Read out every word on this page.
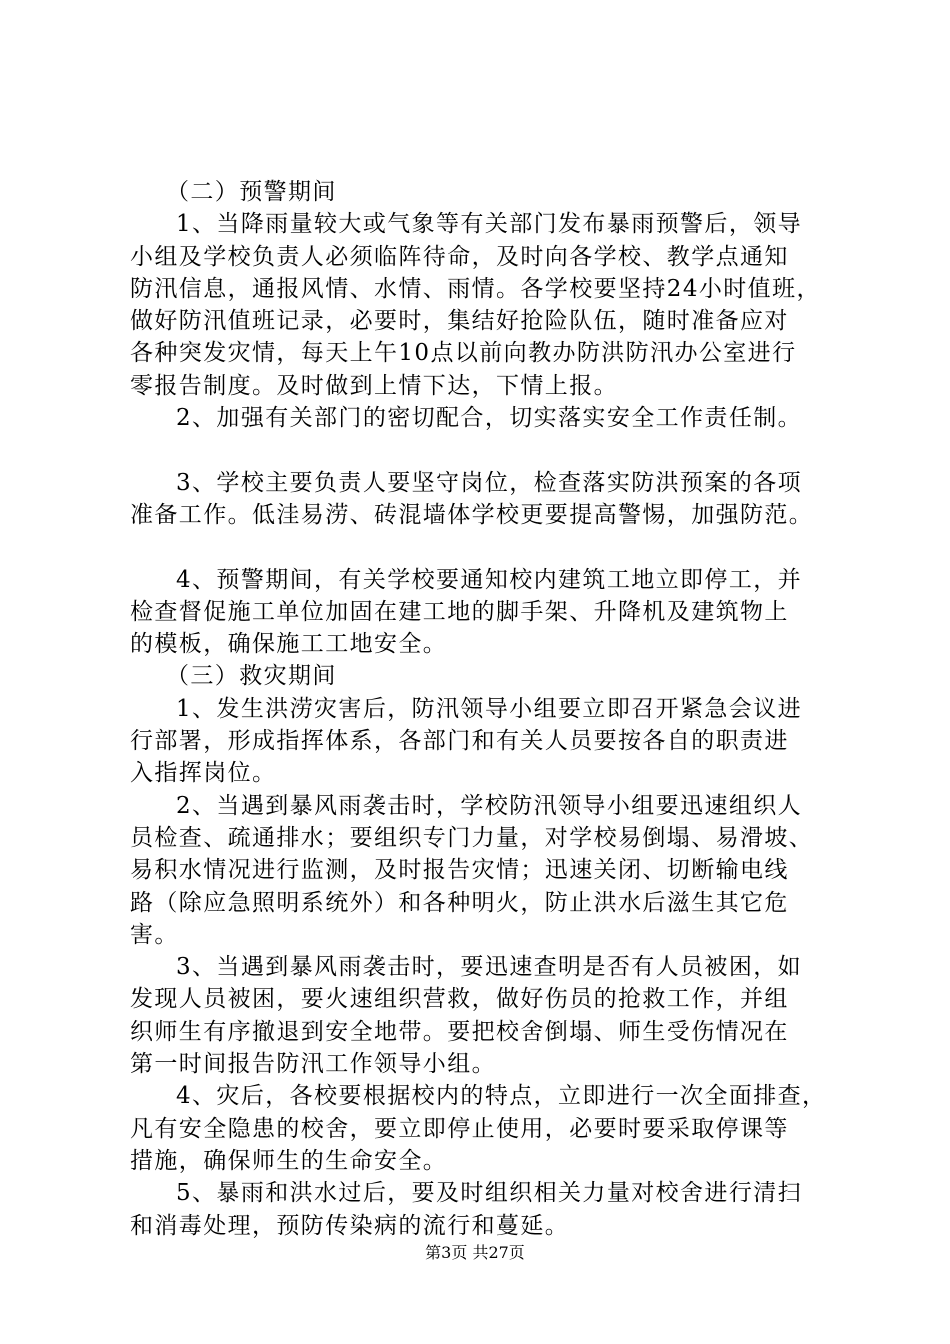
（二）预警期间
1、当降雨量较大或气象等有关部门发布暴雨预警后，领导
小组及学校负责人必须临阵待命，及时向各学校、教学点通知
防汛信息，通报风情、水情、雨情。各学校要坚持24小时值班，
做好防汛值班记录，必要时，集结好抢险队伍，随时准备应对
各种突发灾情，每天上午10点以前向教办防洪防汛办公室进行
零报告制度。及时做到上情下达，下情上报。
2、加强有关部门的密切配合，切实落实安全工作责任制。
3、学校主要负责人要坚守岗位，检查落实防洪预案的各项
准备工作。低洼易涝、砖混墙体学校更要提高警惕，加强防范。
4、预警期间，有关学校要通知校内建筑工地立即停工，并
检查督促施工单位加固在建工地的脚手架、升降机及建筑物上
的模板，确保施工工地安全。
（三）救灾期间
1、发生洪涝灾害后，防汛领导小组要立即召开紧急会议进
行部署，形成指挥体系，各部门和有关人员要按各自的职责进
入指挥岗位。
2、当遇到暴风雨袭击时，学校防汛领导小组要迅速组织人
员检查、疏通排水；要组织专门力量，对学校易倒塌、易滑坡、
易积水情况进行监测，及时报告灾情；迅速关闭、切断输电线
路（除应急照明系统外）和各种明火，防止洪水后滋生其它危
害。
3、当遇到暴风雨袭击时，要迅速查明是否有人员被困，如
发现人员被困，要火速组织营救，做好伤员的抢救工作，并组
织师生有序撤退到安全地带。要把校舍倒塌、师生受伤情况在
第一时间报告防汛工作领导小组。
4、灾后，各校要根据校内的特点，立即进行一次全面排查，
凡有安全隐患的校舍，要立即停止使用，必要时要采取停课等
措施，确保师生的生命安全。
5、暴雨和洪水过后，要及时组织相关力量对校舍进行清扫
和消毒处理，预防传染病的流行和蔓延。
第3页 共27页
